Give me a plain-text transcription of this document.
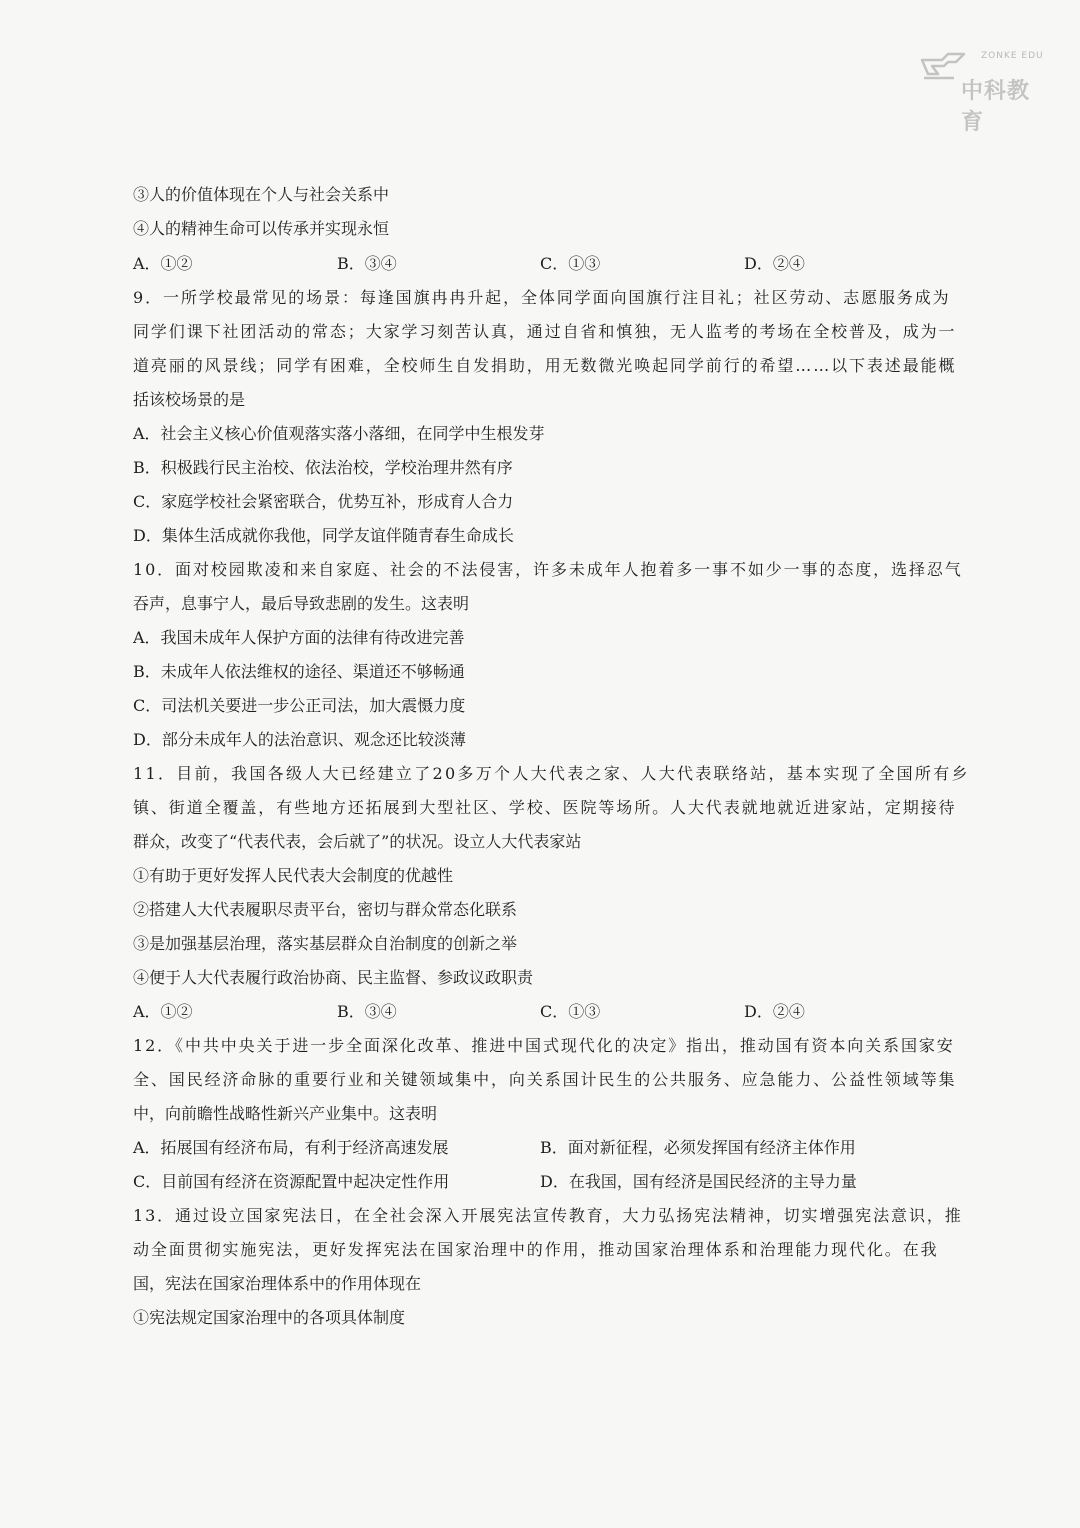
ZONKE EDU
中科教育
③人的价值体现在个人与社会关系中
④人的精神生命可以传承并实现永恒
A．①②	B．③④	C．①③	D．②④
9．一所学校最常见的场景：每逢国旗冉冉升起，全体同学面向国旗行注目礼；社区劳动、志愿服务成为
同学们课下社团活动的常态；大家学习刻苦认真，通过自省和慎独，无人监考的考场在全校普及，成为一
道亮丽的风景线；同学有困难，全校师生自发捐助，用无数微光唤起同学前行的希望……以下表述最能概
括该校场景的是
A．社会主义核心价值观落实落小落细，在同学中生根发芽
B．积极践行民主治校、依法治校，学校治理井然有序
C．家庭学校社会紧密联合，优势互补，形成育人合力
D．集体生活成就你我他，同学友谊伴随青春生命成长
10．面对校园欺凌和来自家庭、社会的不法侵害，许多未成年人抱着多一事不如少一事的态度，选择忍气
吞声，息事宁人，最后导致悲剧的发生。这表明
A．我国未成年人保护方面的法律有待改进完善
B．未成年人依法维权的途径、渠道还不够畅通
C．司法机关要进一步公正司法，加大震慑力度
D．部分未成年人的法治意识、观念还比较淡薄
11．目前，我国各级人大已经建立了20多万个人大代表之家、人大代表联络站，基本实现了全国所有乡
镇、街道全覆盖，有些地方还拓展到大型社区、学校、医院等场所。人大代表就地就近进家站，定期接待
群众，改变了“代表代表，会后就了”的状况。设立人大代表家站
①有助于更好发挥人民代表大会制度的优越性
②搭建人大代表履职尽责平台，密切与群众常态化联系
③是加强基层治理，落实基层群众自治制度的创新之举
④便于人大代表履行政治协商、民主监督、参政议政职责
A．①②	B．③④	C．①③	D．②④
12．《中共中央关于进一步全面深化改革、推进中国式现代化的决定》指出，推动国有资本向关系国家安
全、国民经济命脉的重要行业和关键领域集中，向关系国计民生的公共服务、应急能力、公益性领域等集
中，向前瞻性战略性新兴产业集中。这表明
A．拓展国有经济布局，有利于经济高速发展	B．面对新征程，必须发挥国有经济主体作用
C．目前国有经济在资源配置中起决定性作用	D．在我国，国有经济是国民经济的主导力量
13．通过设立国家宪法日，在全社会深入开展宪法宣传教育，大力弘扬宪法精神，切实增强宪法意识，推
动全面贯彻实施宪法，更好发挥宪法在国家治理中的作用，推动国家治理体系和治理能力现代化。在我
国，宪法在国家治理体系中的作用体现在
①宪法规定国家治理中的各项具体制度
